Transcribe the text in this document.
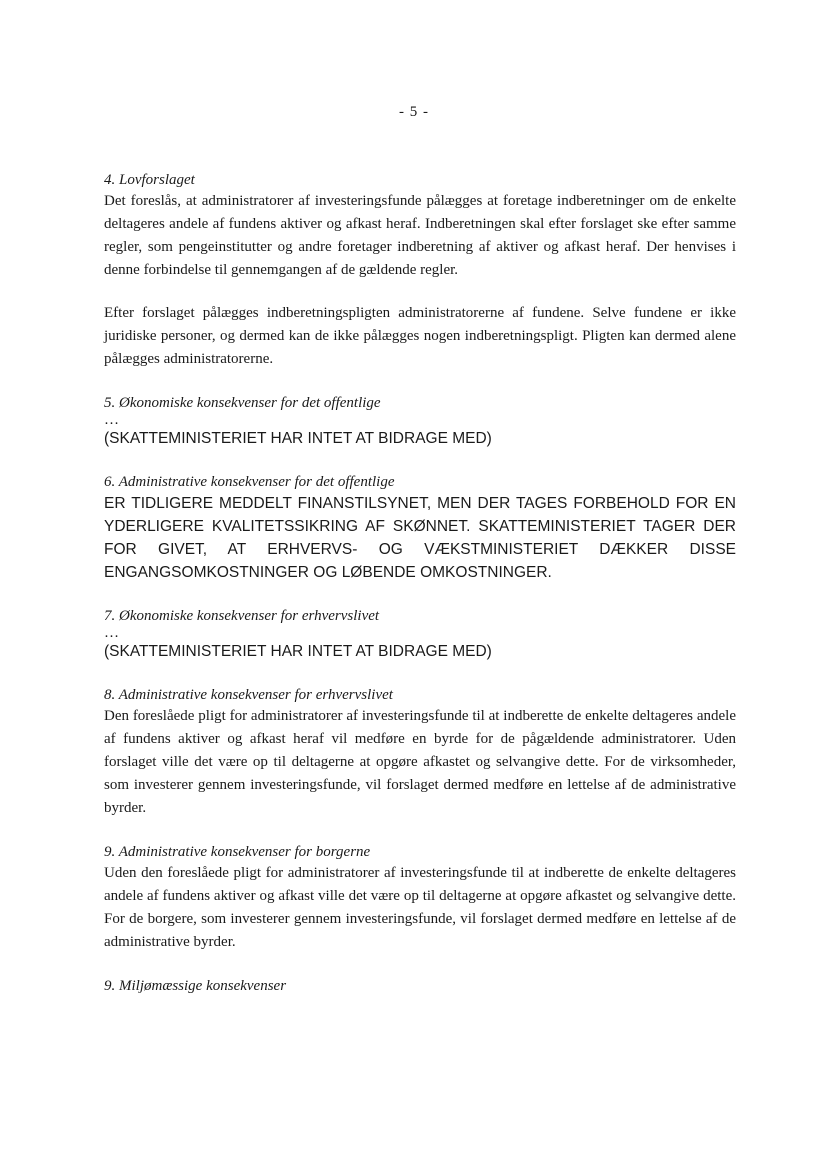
- 5 -

4. Lovforslaget

Det foreslås, at administratorer af investeringsfunde pålægges at foretage indberetninger om de enkelte deltageres andele af fundens aktiver og afkast heraf. Indberetningen skal efter forslaget ske efter samme regler, som pengeinstitutter og andre foretager indberetning af aktiver og afkast heraf. Der henvises i denne forbindelse til gennemgangen af de gældende regler.

Efter forslaget pålægges indberetningspligten administratorerne af fundene. Selve fundene er ikke juridiske personer, og dermed kan de ikke pålægges nogen indberetningspligt. Pligten kan dermed alene pålægges administratorerne.

5. Økonomiske konsekvenser for det offentlige

…

(SKATTEMINISTERIET HAR INTET AT BIDRAGE MED)

6. Administrative konsekvenser for det offentlige

ER TIDLIGERE MEDDELT FINANSTILSYNET, MEN DER TAGES FORBEHOLD FOR EN YDERLIGERE KVALITETSSIKRING AF SKØNNET. SKATTEMINISTERIET TAGER DER FOR GIVET, AT ERHVERVS- OG VÆKSTMINISTERIET DÆKKER DISSE ENGANGSOMKOSTNINGER OG LØBENDE OMKOSTNINGER.

7. Økonomiske konsekvenser for erhvervslivet

…

(SKATTEMINISTERIET HAR INTET AT BIDRAGE MED)

8. Administrative konsekvenser for erhvervslivet

Den foreslåede pligt for administratorer af investeringsfunde til at indberette de enkelte deltageres andele af fundens aktiver og afkast heraf vil medføre en byrde for de pågældende administratorer. Uden forslaget ville det være op til deltagerne at opgøre afkastet og selvangive dette. For de virksomheder, som investerer gennem investeringsfunde, vil forslaget dermed medføre en lettelse af de administrative byrder.

9. Administrative konsekvenser for borgerne

Uden den foreslåede pligt for administratorer af investeringsfunde til at indberette de enkelte deltageres andele af fundens aktiver og afkast ville det være op til deltagerne at opgøre afkastet og selvangive dette. For de borgere, som investerer gennem investeringsfunde, vil forslaget dermed medføre en lettelse af de administrative byrder.

9. Miljømæssige konsekvenser
